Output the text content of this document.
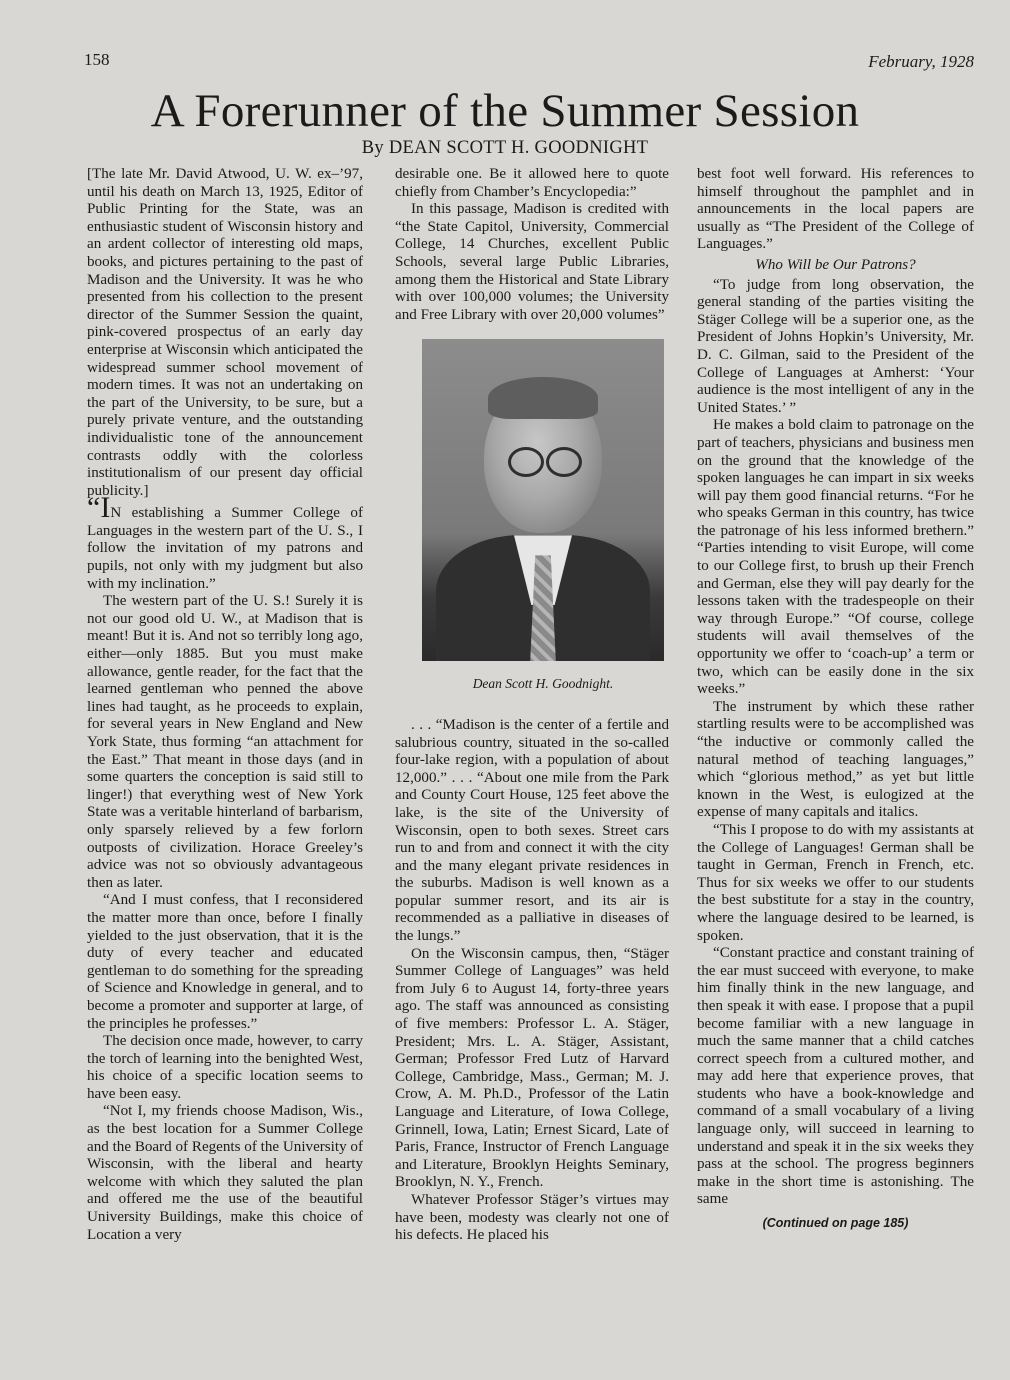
158	February, 1928
A Forerunner of the Summer Session
By DEAN SCOTT H. GOODNIGHT

[The late Mr. David Atwood, U. W. ex–’97, until his death on March 13, 1925, Editor of Public Printing for the State, was an enthusiastic student of Wisconsin history and an ardent collector of interesting old maps, books, and pictures pertaining to the past of Madison and the University. It was he who presented from his collection to the present director of the Summer Session the quaint, pink-covered prospectus of an early day enterprise at Wisconsin which anticipated the widespread summer school movement of modern times. It was not an undertaking on the part of the University, to be sure, but a purely private venture, and the outstanding individualistic tone of the announcement contrasts oddly with the colorless institutionalism of our present day official publicity.]

“IN establishing a Summer College of Languages in the western part of the U. S., I follow the invitation of my patrons and pupils, not only with my judgment but also with my inclination.”

The western part of the U. S.! Surely it is not our good old U. W., at Madison that is meant! But it is. And not so terribly long ago, either—only 1885. But you must make allowance, gentle reader, for the fact that the learned gentleman who penned the above lines had taught, as he proceeds to explain, for several years in New England and New York State, thus forming “an attachment for the East.” That meant in those days (and in some quarters the conception is said still to linger!) that everything west of New York State was a veritable hinterland of barbarism, only sparsely relieved by a few forlorn outposts of civilization. Horace Greeley’s advice was not so obviously advantageous then as later.

“And I must confess, that I reconsidered the matter more than once, before I finally yielded to the just observation, that it is the duty of every teacher and educated gentleman to do something for the spreading of Science and Knowledge in general, and to become a promoter and supporter at large, of the principles he professes.”

The decision once made, however, to carry the torch of learning into the benighted West, his choice of a specific location seems to have been easy.

“Not I, my friends choose Madison, Wis., as the best location for a Summer College and the Board of Regents of the University of Wisconsin, with the liberal and hearty welcome with which they saluted the plan and offered me the use of the beautiful University Buildings, make this choice of Location a very

desirable one. Be it allowed here to quote chiefly from Chamber’s Encyclopedia:”

In this passage, Madison is credited with “the State Capitol, University, Commercial College, 14 Churches, excellent Public Schools, several large Public Libraries, among them the Historical and State Library with over 100,000 volumes; the University and Free Library with over 20,000 volumes”

Dean Scott H. Goodnight.

. . . “Madison is the center of a fertile and salubrious country, situated in the so-called four-lake region, with a population of about 12,000.” . . . “About one mile from the Park and County Court House, 125 feet above the lake, is the site of the University of Wisconsin, open to both sexes. Street cars run to and from and connect it with the city and the many elegant private residences in the suburbs. Madison is well known as a popular summer resort, and its air is recommended as a palliative in diseases of the lungs.”

On the Wisconsin campus, then, “Stäger Summer College of Languages” was held from July 6 to August 14, forty-three years ago. The staff was announced as consisting of five members: Professor L. A. Stäger, President; Mrs. L. A. Stäger, Assistant, German; Professor Fred Lutz of Harvard College, Cambridge, Mass., German; M. J. Crow, A. M. Ph.D., Professor of the Latin Language and Literature, of Iowa College, Grinnell, Iowa, Latin; Ernest Sicard, Late of Paris, France, Instructor of French Language and Literature, Brooklyn Heights Seminary, Brooklyn, N. Y., French.

Whatever Professor Stäger’s virtues may have been, modesty was clearly not one of his defects. He placed his

best foot well forward. His references to himself throughout the pamphlet and in announcements in the local papers are usually as “The President of the College of Languages.”

Who Will be Our Patrons?

“To judge from long observation, the general standing of the parties visiting the Stäger College will be a superior one, as the President of Johns Hopkin’s University, Mr. D. C. Gilman, said to the President of the College of Languages at Amherst: ‘Your audience is the most intelligent of any in the United States.’ ”

He makes a bold claim to patronage on the part of teachers, physicians and business men on the ground that the knowledge of the spoken languages he can impart in six weeks will pay them good financial returns. “For he who speaks German in this country, has twice the patronage of his less informed brethern.” “Parties intending to visit Europe, will come to our College first, to brush up their French and German, else they will pay dearly for the lessons taken with the tradespeople on their way through Europe.” “Of course, college students will avail themselves of the opportunity we offer to ‘coach-up’ a term or two, which can be easily done in the six weeks.”

The instrument by which these rather startling results were to be accomplished was “the inductive or commonly called the natural method of teaching languages,” which “glorious method,” as yet but little known in the West, is eulogized at the expense of many capitals and italics.

“This I propose to do with my assistants at the College of Languages! German shall be taught in German, French in French, etc. Thus for six weeks we offer to our students the best substitute for a stay in the country, where the language desired to be learned, is spoken.

“Constant practice and constant training of the ear must succeed with everyone, to make him finally think in the new language, and then speak it with ease. I propose that a pupil become familiar with a new language in much the same manner that a child catches correct speech from a cultured mother, and may add here that experience proves, that students who have a book-knowledge and command of a small vocabulary of a living language only, will succeed in learning to understand and speak it in the six weeks they pass at the school. The progress beginners make in the short time is astonishing. The same

(Continued on page 185)
